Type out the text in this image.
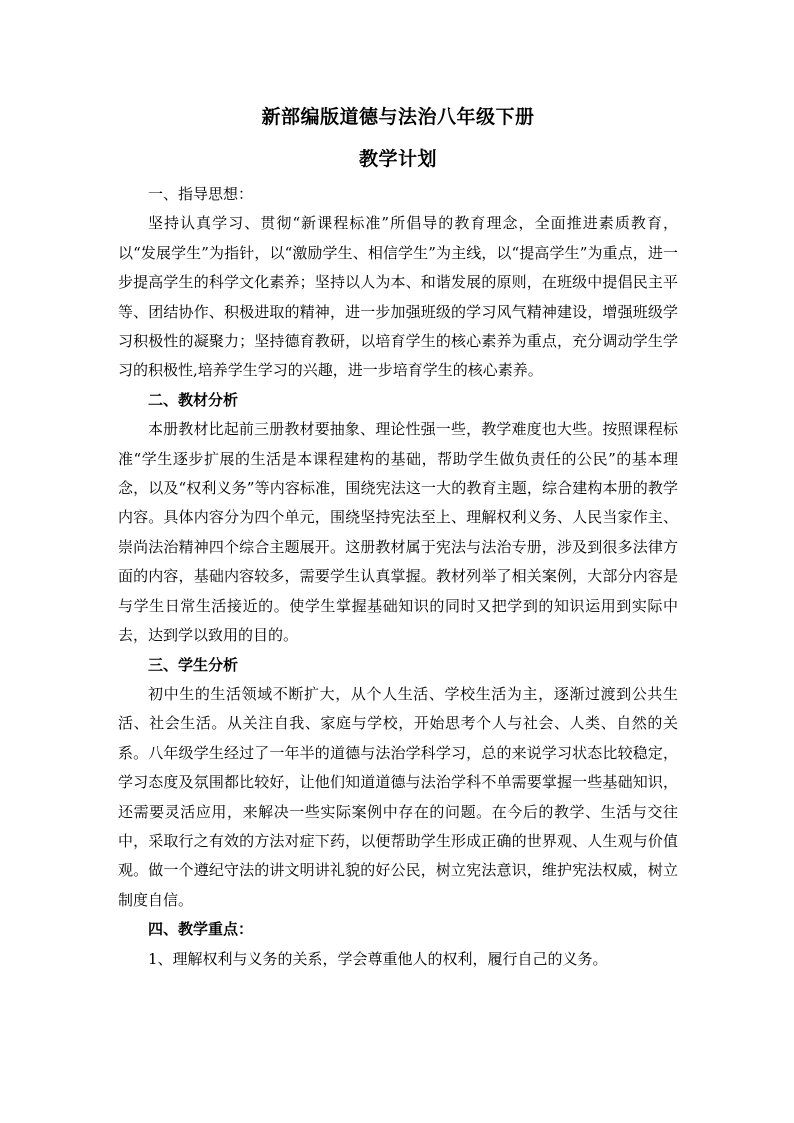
新部编版道德与法治八年级下册
教学计划

一、指导思想：

坚持认真学习、贯彻“新课程标准”所倡导的教育理念，全面推进素质教育，以“发展学生”为指针，以“激励学生、相信学生”为主线，以“提高学生”为重点，进一步提高学生的科学文化素养；坚持以人为本、和谐发展的原则，在班级中提倡民主平等、团结协作、积极进取的精神，进一步加强班级的学习风气精神建设，增强班级学习积极性的凝聚力；坚持德育教研，以培育学生的核心素养为重点，充分调动学生学习的积极性,培养学生学习的兴趣，进一步培育学生的核心素养。

二、教材分析

本册教材比起前三册教材要抽象、理论性强一些，教学难度也大些。按照课程标准“学生逐步扩展的生活是本课程建构的基础，帮助学生做负责任的公民”的基本理念，以及“权利义务”等内容标准，围绕宪法这一大的教育主题，综合建构本册的教学内容。具体内容分为四个单元，围绕坚持宪法至上、理解权利义务、人民当家作主、崇尚法治精神四个综合主题展开。这册教材属于宪法与法治专册，涉及到很多法律方面的内容，基础内容较多，需要学生认真掌握。教材列举了相关案例，大部分内容是与学生日常生活接近的。使学生掌握基础知识的同时又把学到的知识运用到实际中去，达到学以致用的目的。

三、学生分析

初中生的生活领域不断扩大，从个人生活、学校生活为主，逐渐过渡到公共生活、社会生活。从关注自我、家庭与学校，开始思考个人与社会、人类、自然的关系。八年级学生经过了一年半的道德与法治学科学习，总的来说学习状态比较稳定，学习态度及氛围都比较好，让他们知道道德与法治学科不单需要掌握一些基础知识，还需要灵活应用，来解决一些实际案例中存在的问题。在今后的教学、生活与交往中，采取行之有效的方法对症下药，以便帮助学生形成正确的世界观、人生观与价值观。做一个遵纪守法的讲文明讲礼貌的好公民，树立宪法意识，维护宪法权威，树立制度自信。

四、教学重点：

1、理解权利与义务的关系，学会尊重他人的权利，履行自己的义务。
